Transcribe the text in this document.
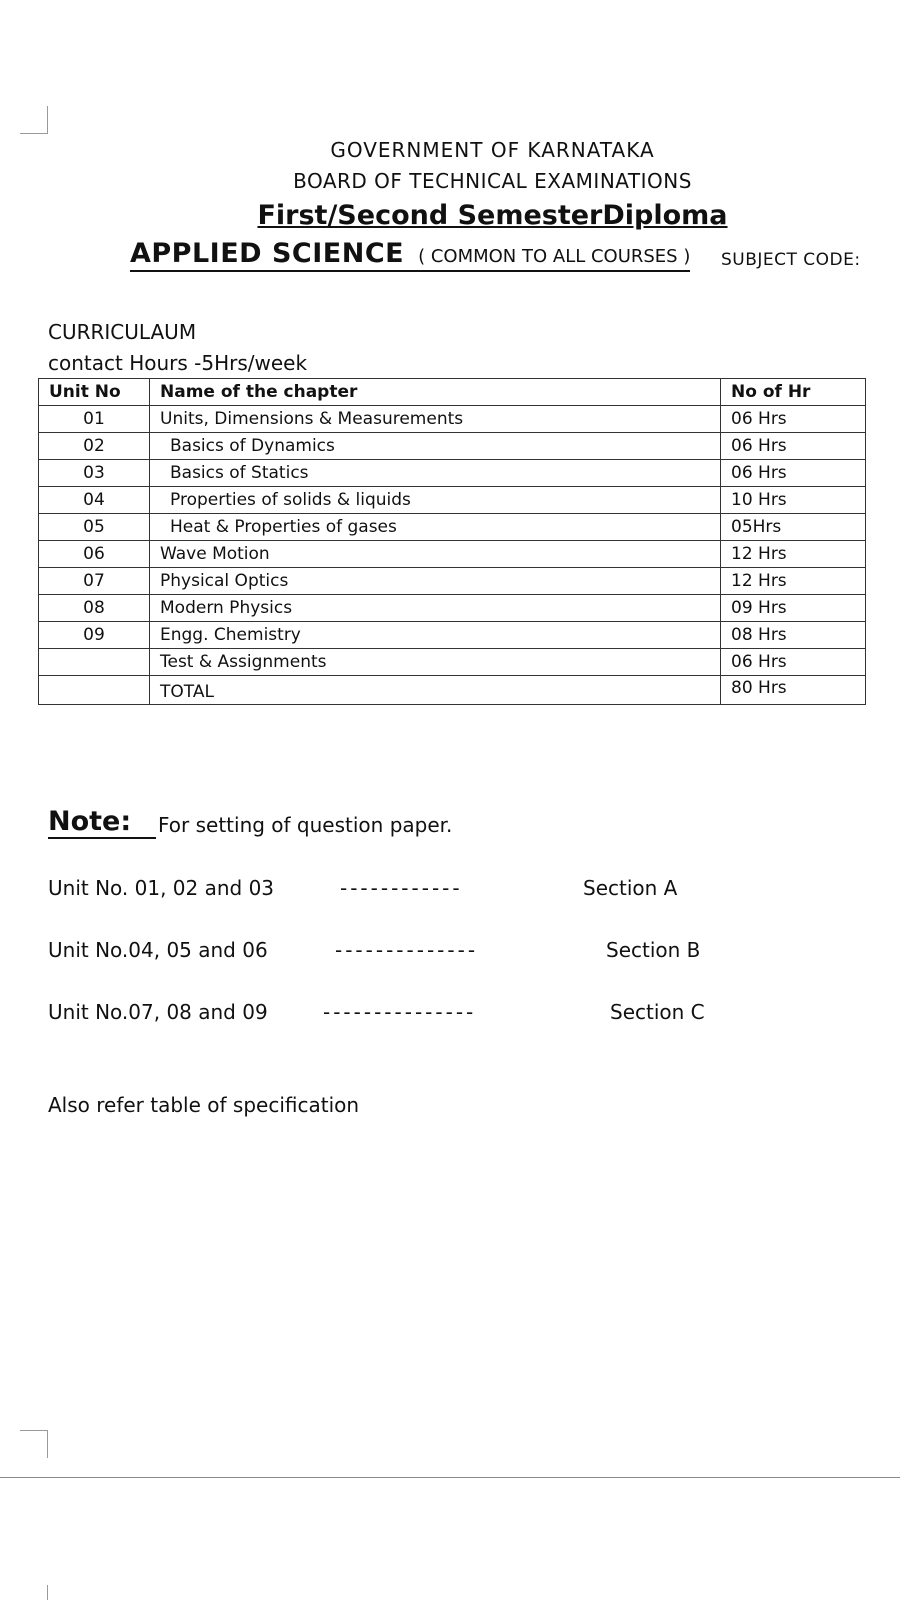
GOVERNMENT OF KARNATAKA
BOARD OF TECHNICAL EXAMINATIONS
First/Second SemesterDiploma
APPLIED SCIENCE ( COMMON TO ALL COURSES ) SUBJECT CODE:
CURRICULAUM
contact Hours -5Hrs/week
Unit No	Name of the chapter	No of Hr
01	Units, Dimensions & Measurements	06 Hrs
02	Basics of Dynamics	06 Hrs
03	Basics of Statics	06 Hrs
04	Properties of solids & liquids	10 Hrs
05	Heat & Properties of gases	05Hrs
06	Wave Motion	12 Hrs
07	Physical Optics	12 Hrs
08	Modern Physics	09 Hrs
09	Engg. Chemistry	08 Hrs
	Test & Assignments	06 Hrs
	TOTAL	80 Hrs
Note: For setting of question paper.
Unit No. 01, 02 and 03	------------	Section A
Unit No.04, 05 and 06	--------------	Section B
Unit No.07, 08 and 09	---------------	Section C
Also refer table of specification
